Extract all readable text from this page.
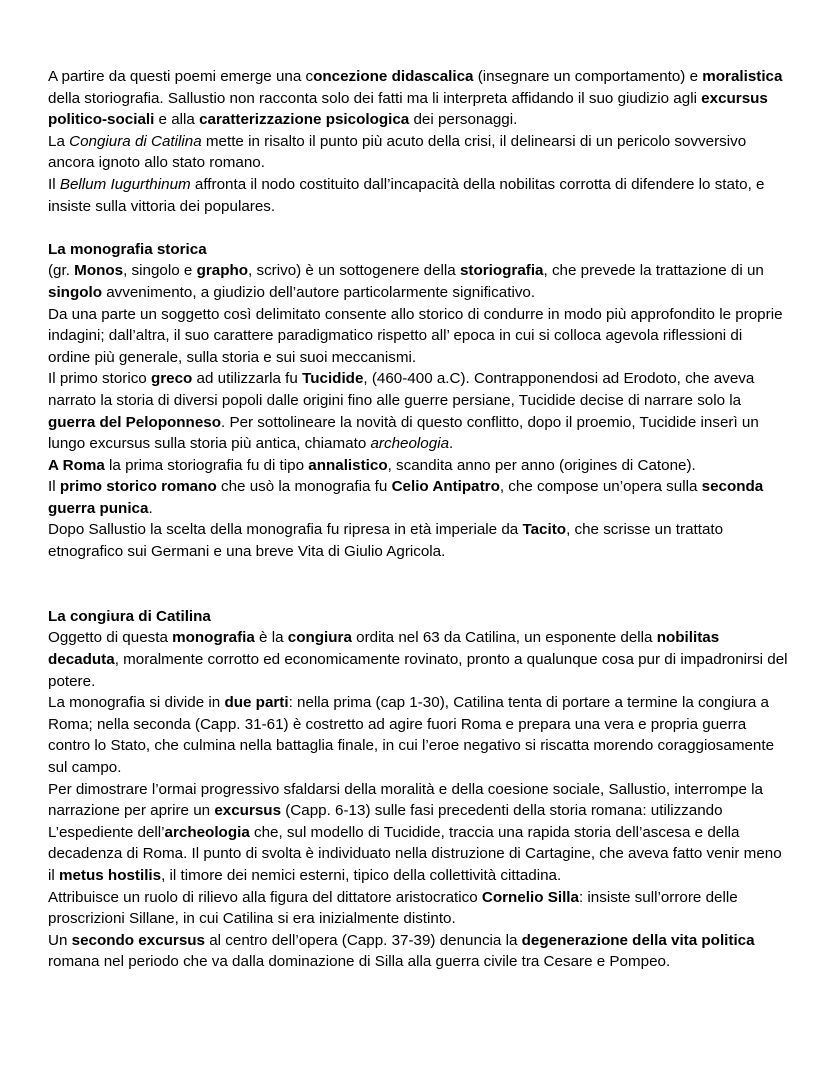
A partire da questi poemi emerge una concezione didascalica (insegnare un comportamento) e moralistica della storiografia. Sallustio non racconta solo dei fatti ma li interpreta affidando il suo giudizio agli excursus politico-sociali e alla caratterizzazione psicologica dei personaggi.

La Congiura di Catilina mette in risalto il punto più acuto della crisi, il delinearsi di un pericolo sovversivo ancora ignoto allo stato romano.

Il Bellum Iugurthinum affronta il nodo costituito dall’incapacità della nobilitas corrotta di difendere lo stato, e insiste sulla vittoria dei populares.

La monografia storica

(gr. Monos, singolo e grapho, scrivo) è un sottogenere della storiografia, che prevede la trattazione di un singolo avvenimento, a giudizio dell’autore particolarmente significativo.

Da una parte un soggetto così delimitato consente allo storico di condurre in modo più approfondito le proprie indagini; dall’altra, il suo carattere paradigmatico rispetto all’ epoca in cui si colloca agevola riflessioni di ordine più generale, sulla storia e sui suoi meccanismi.

Il primo storico greco ad utilizzarla fu Tucidide, (460-400 a.C). Contrapponendosi ad Erodoto, che aveva narrato la storia di diversi popoli dalle origini fino alle guerre persiane, Tucidide decise di narrare solo la guerra del Peloponneso. Per sottolineare la novità di questo conflitto, dopo il proemio, Tucidide inserì un lungo excursus sulla storia più antica, chiamato archeologia.

A Roma la prima storiografia fu di tipo annalistico, scandita anno per anno (origines di Catone).

Il primo storico romano che usò la monografia fu Celio Antipatro, che compose un’opera sulla seconda guerra punica.

Dopo Sallustio la scelta della monografia fu ripresa in età imperiale da Tacito, che scrisse un trattato etnografico sui Germani e una breve Vita di Giulio Agricola.

La congiura di Catilina

Oggetto di questa monografia è la congiura ordita nel 63 da Catilina, un esponente della nobilitas decaduta, moralmente corrotto ed economicamente rovinato, pronto a qualunque cosa pur di impadronirsi del potere.

La monografia si divide in due parti: nella prima (cap 1-30), Catilina tenta di portare a termine la congiura a Roma; nella seconda (Capp. 31-61) è costretto ad agire fuori Roma e prepara una vera e propria guerra contro lo Stato, che culmina nella battaglia finale, in cui l’eroe negativo si riscatta morendo coraggiosamente sul campo.

Per dimostrare l’ormai progressivo sfaldarsi della moralità e della coesione sociale, Sallustio, interrompe la narrazione per aprire un excursus (Capp. 6-13) sulle fasi precedenti della storia romana: utilizzando L’espediente dell’archeologia che, sul modello di Tucidide, traccia una rapida storia dell’ascesa e della decadenza di Roma. Il punto di svolta è individuato nella distruzione di Cartagine, che aveva fatto venir meno il metus hostilis, il timore dei nemici esterni, tipico della collettività cittadina.

Attribuisce un ruolo di rilievo alla figura del dittatore aristocratico Cornelio Silla: insiste sull’orrore delle proscrizioni Sillane, in cui Catilina si era inizialmente distinto.

Un secondo excursus al centro dell’opera (Capp. 37-39) denuncia la degenerazione della vita politica romana nel periodo che va dalla dominazione di Silla alla guerra civile tra Cesare e Pompeo.
